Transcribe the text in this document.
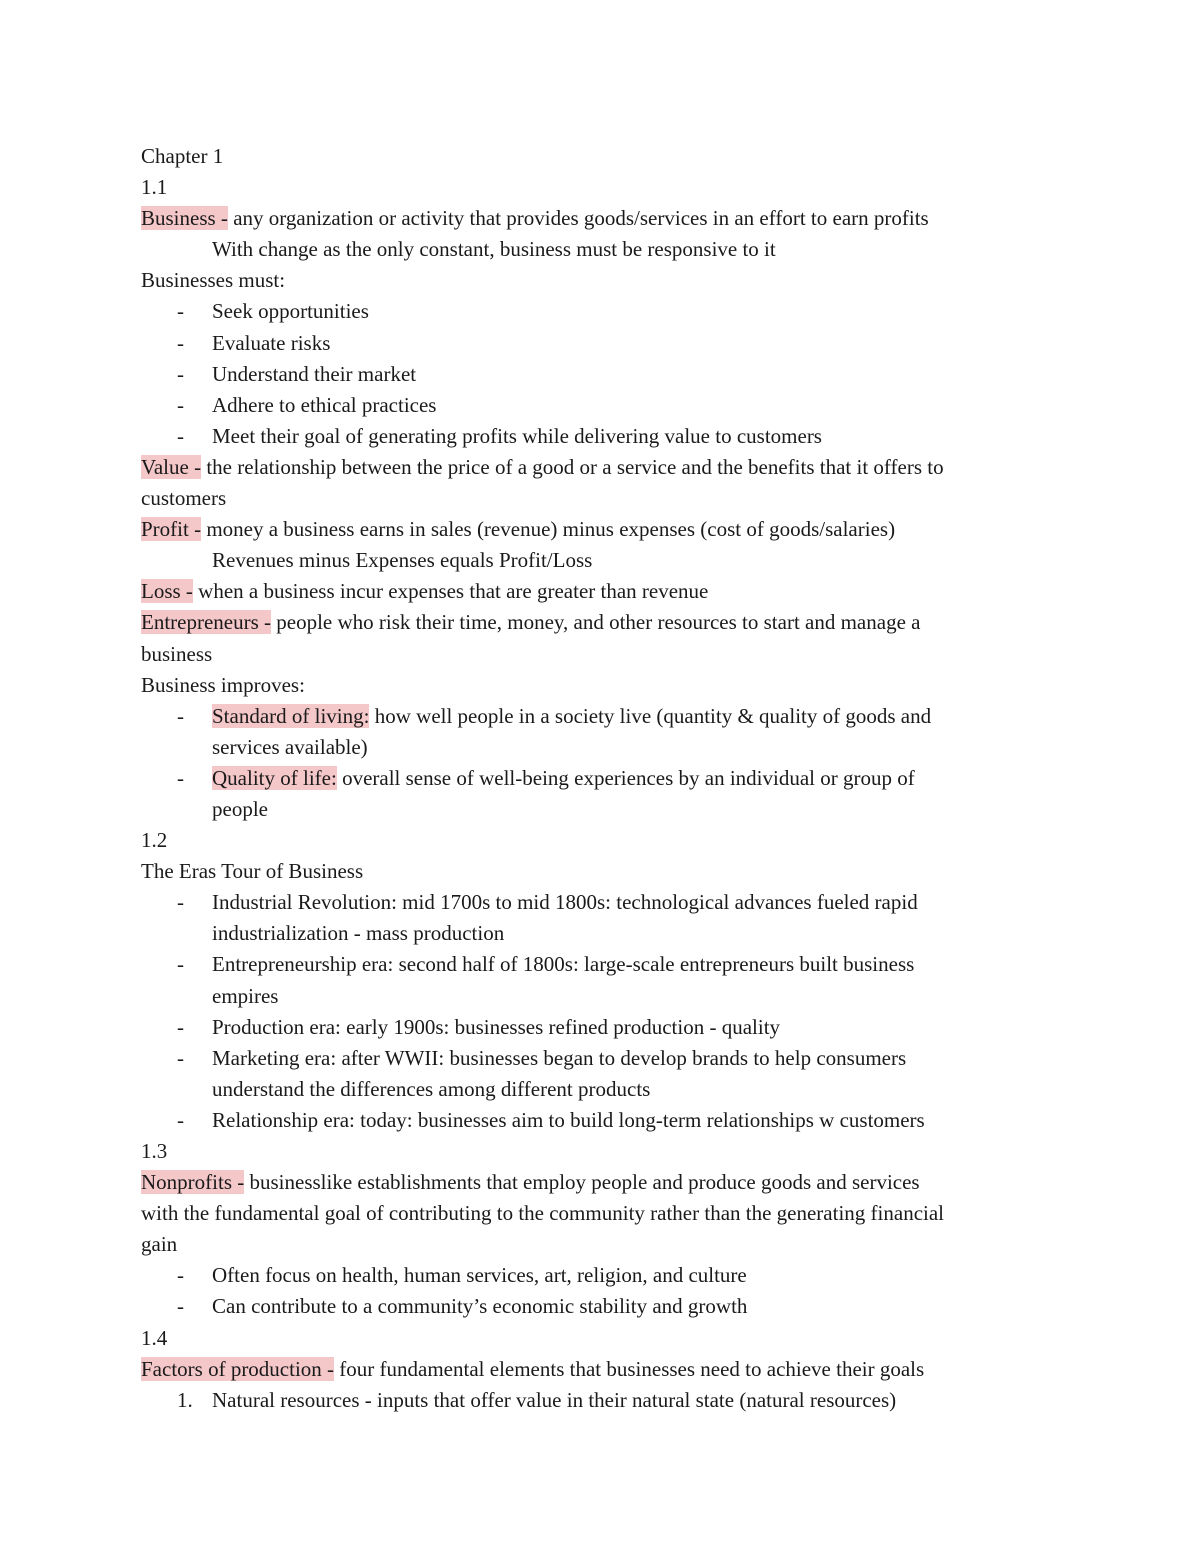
Chapter 1
1.1
Business - any organization or activity that provides goods/services in an effort to earn profits
With change as the only constant, business must be responsive to it
Businesses must:
- Seek opportunities
- Evaluate risks
- Understand their market
- Adhere to ethical practices
- Meet their goal of generating profits while delivering value to customers
Value - the relationship between the price of a good or a service and the benefits that it offers to
customers
Profit - money a business earns in sales (revenue) minus expenses (cost of goods/salaries)
Revenues minus Expenses equals Profit/Loss
Loss - when a business incur expenses that are greater than revenue
Entrepreneurs - people who risk their time, money, and other resources to start and manage a
business
Business improves:
- Standard of living: how well people in a society live (quantity & quality of goods and
services available)
- Quality of life: overall sense of well-being experiences by an individual or group of
people
1.2
The Eras Tour of Business
- Industrial Revolution: mid 1700s to mid 1800s: technological advances fueled rapid
industrialization - mass production
- Entrepreneurship era: second half of 1800s: large-scale entrepreneurs built business
empires
- Production era: early 1900s: businesses refined production - quality
- Marketing era: after WWII: businesses began to develop brands to help consumers
understand the differences among different products
- Relationship era: today: businesses aim to build long-term relationships w customers
1.3
Nonprofits - businesslike establishments that employ people and produce goods and services
with the fundamental goal of contributing to the community rather than the generating financial
gain
- Often focus on health, human services, art, religion, and culture
- Can contribute to a community’s economic stability and growth
1.4
Factors of production - four fundamental elements that businesses need to achieve their goals
1. Natural resources - inputs that offer value in their natural state (natural resources)
